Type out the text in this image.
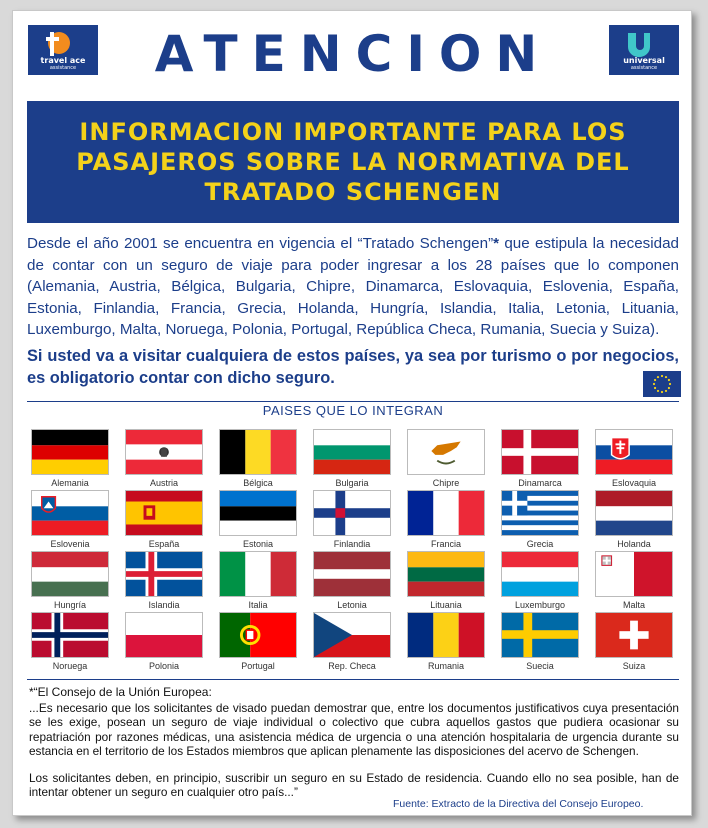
travel ace
assistance	ATENCION	universal
assistance
INFORMACION IMPORTANTE PARA LOS
PASAJEROS SOBRE LA NORMATIVA DEL
TRATADO SCHENGEN

Desde el año 2001 se encuentra en vigencia el “Tratado Schengen”* que estipula la necesidad de contar con un seguro de viaje para poder ingresar a los 28 países que lo componen (Alemania, Austria, Bélgica, Bulgaria, Chipre, Dinamarca, Eslovaquia, Eslovenia, España, Estonia, Finlandia, Francia, Grecia, Holanda, Hungría, Islandia, Italia, Letonia, Lituania, Luxemburgo, Malta, Noruega, Polonia, Portugal, República Checa, Rumania, Suecia y Suiza).

Si usted va a visitar cualquiera de estos países, ya sea por turismo o por negocios, es obligatorio contar con dicho seguro.

PAISES QUE LO INTEGRAN
Alemania	Austria	Bélgica	Bulgaria	Chipre	Dinamarca	Eslovaquia
Eslovenia	España	Estonia	Finlandia	Francia	Grecia	Holanda
Hungría	Islandia	Italia	Letonia	Lituania	Luxemburgo	Malta
Noruega	Polonia	Portugal	Rep. Checa	Rumania	Suecia	Suiza

*“El Consejo de la Unión Europea:

...Es necesario que los solicitantes de visado puedan demostrar que, entre los documentos justificativos cuya presentación se les exige, posean un seguro de viaje individual o colectivo que cubra aquellos gastos que pudiera ocasionar su repatriación por razones médicas, una asistencia médica de urgencia o una atención hospitalaria de urgencia durante su estancia en el territorio de los Estados miembros que aplican plenamente las disposiciones del acervo de Schengen.

Los solicitantes deben, en principio, suscribir un seguro en su Estado de residencia. Cuando ello no sea posible, han de intentar obtener un seguro en cualquier otro país...”

Fuente: Extracto de la Directiva del Consejo Europeo.
